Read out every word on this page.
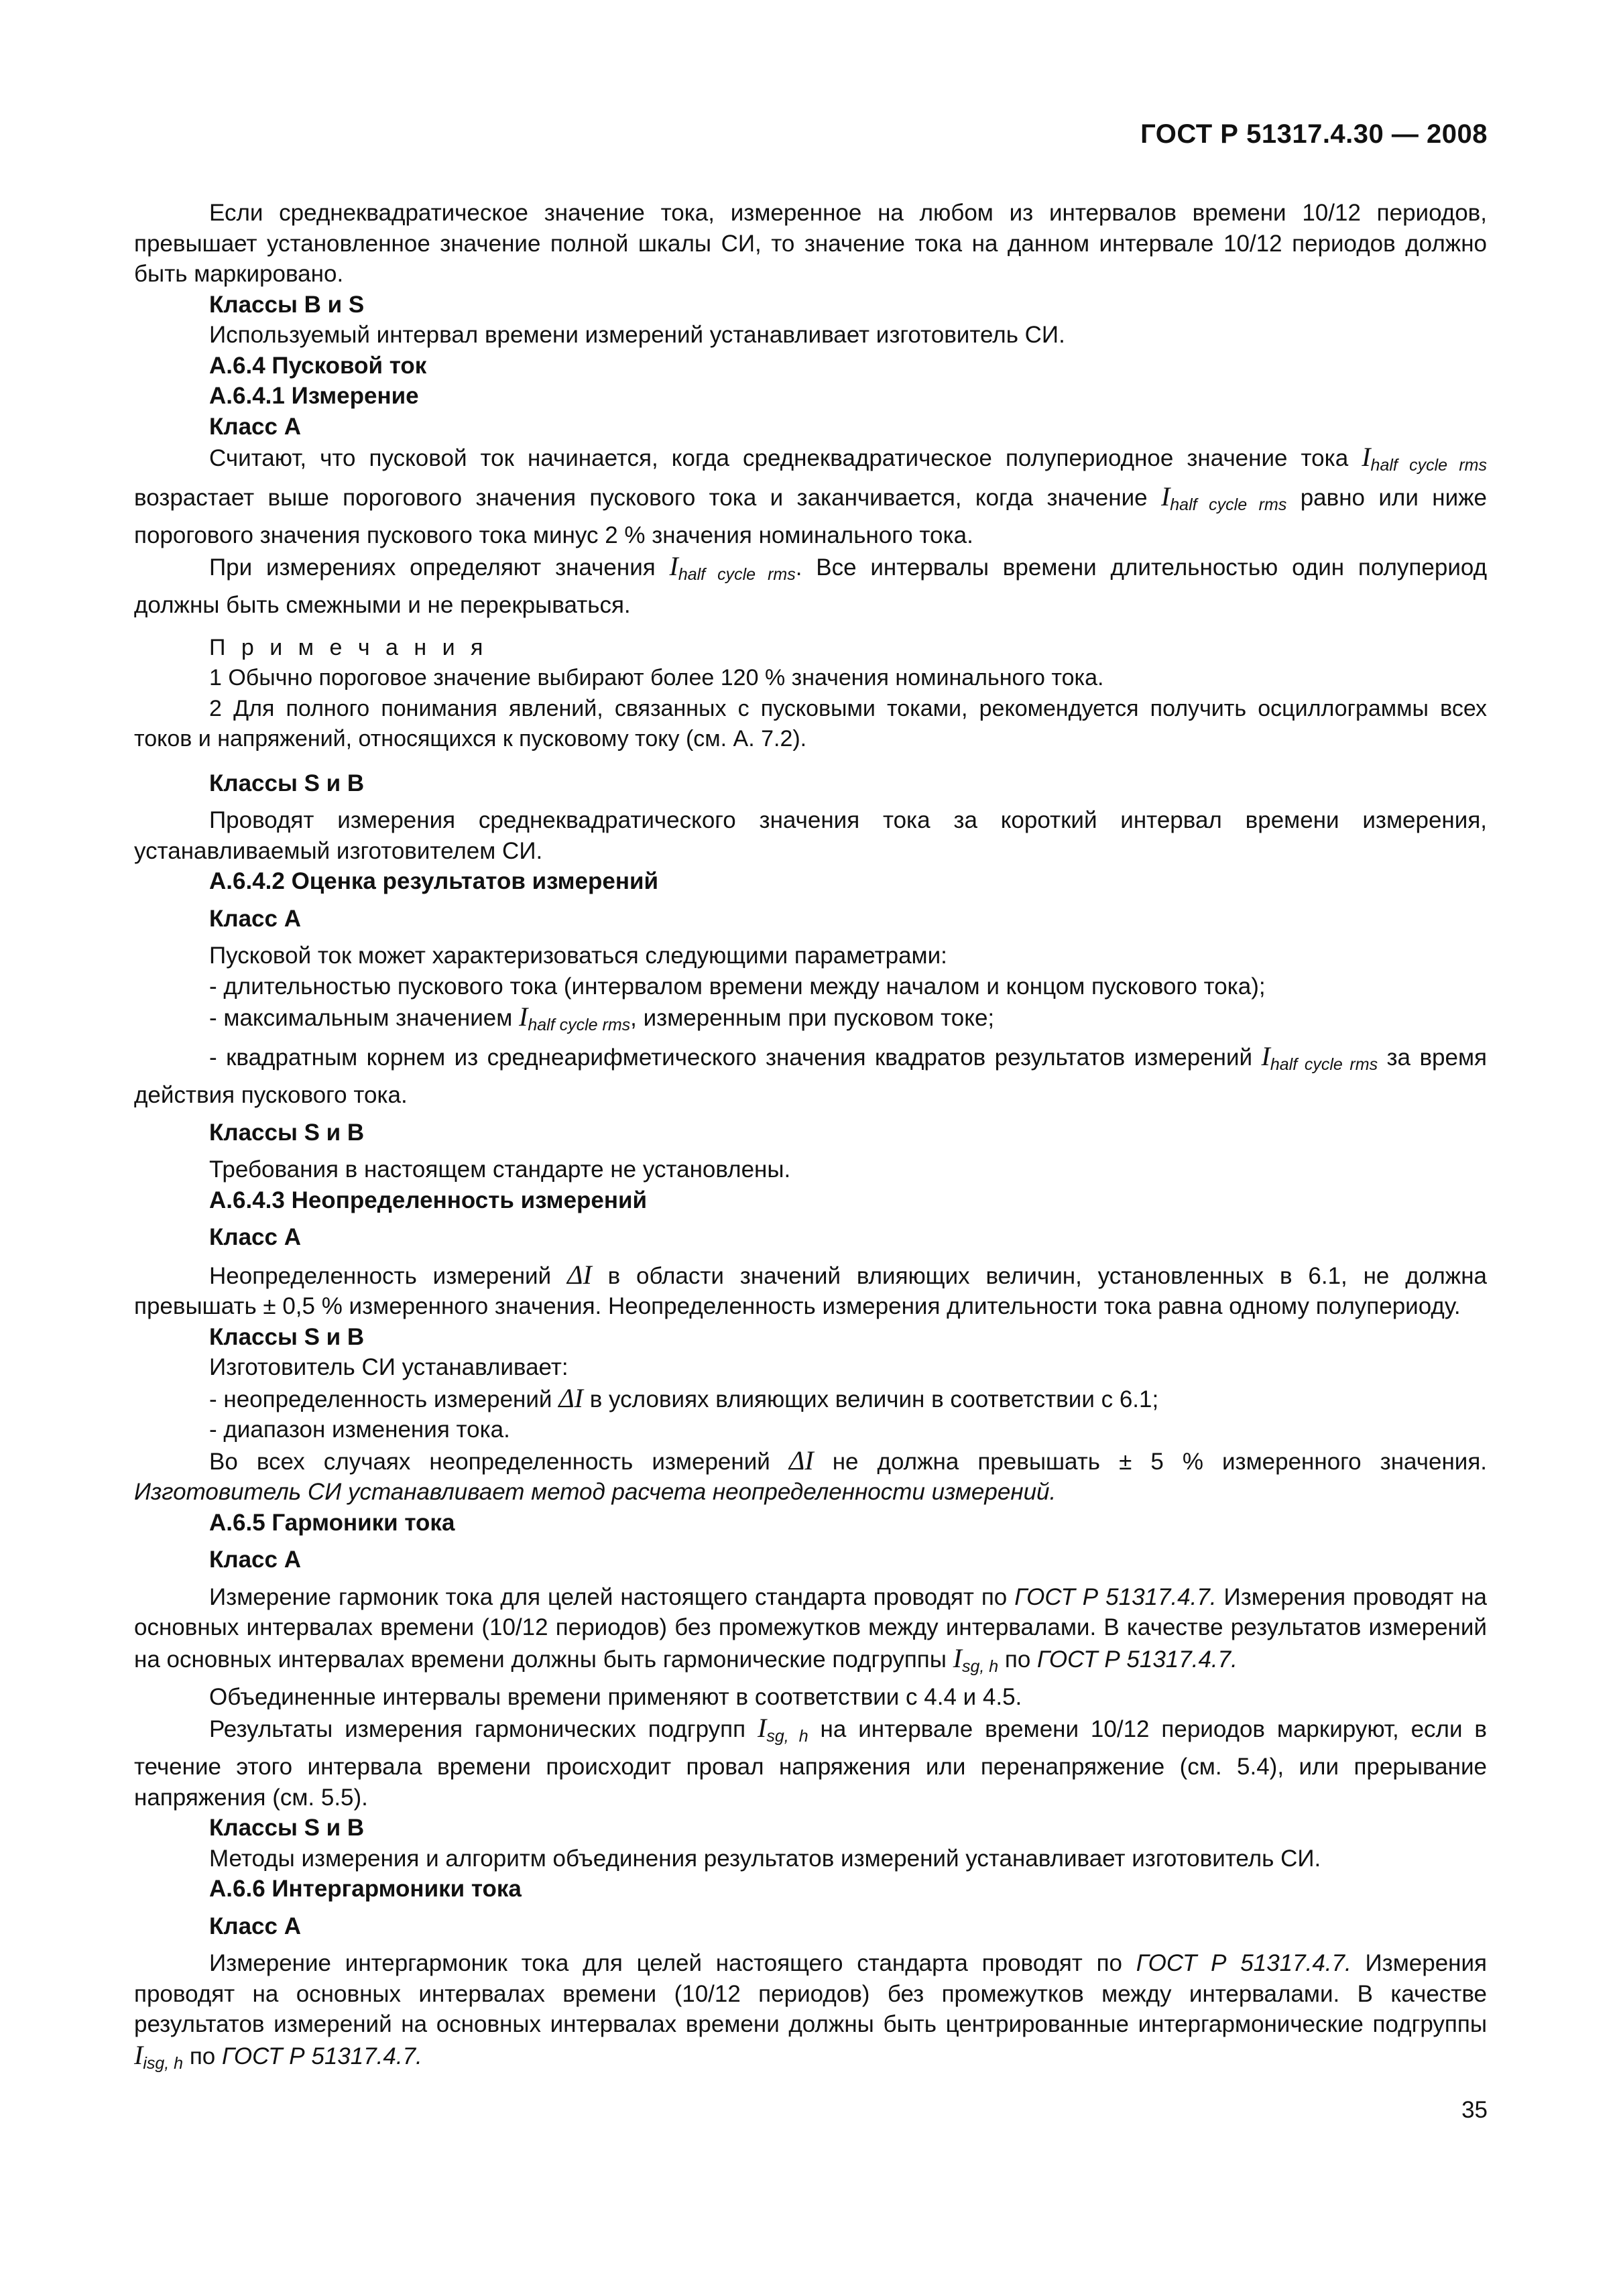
ГОСТ Р 51317.4.30 — 2008

Если среднеквадратическое значение тока, измеренное на любом из интервалов времени 10/12 периодов, превышает установленное значение полной шкалы СИ, то значение тока на данном интервале 10/12 периодов должно быть маркировано.

Классы В и S

Используемый интервал времени измерений устанавливает изготовитель СИ.

А.6.4 Пусковой ток

А.6.4.1 Измерение

Класс А

Считают, что пусковой ток начинается, когда среднеквадратическое полупериодное значение тока $I_{half cycle rms}$ возрастает выше порогового значения пускового тока и заканчивается, когда значение $I_{half cycle rms}$ равно или ниже порогового значения пускового тока минус 2 % значения номинального тока.

При измерениях определяют значения $I_{half cycle rms}$. Все интервалы времени длительностью один полупериод должны быть смежными и не перекрываться.

П р и м е ч а н и я

1 Обычно пороговое значение выбирают более 120 % значения номинального тока.

2 Для полного понимания явлений, связанных с пусковыми токами, рекомендуется получить осциллограммы всех токов и напряжений, относящихся к пусковому току (см. А. 7.2).

Классы S и В

Проводят измерения среднеквадратического значения тока за короткий интервал времени измерения, устанавливаемый изготовителем СИ.

А.6.4.2 Оценка результатов измерений

Класс А

Пусковой ток может характеризоваться следующими параметрами:

- длительностью пускового тока (интервалом времени между началом и концом пускового тока);

- максимальным значением $I_{half cycle rms}$, измеренным при пусковом токе;

- квадратным корнем из среднеарифметического значения квадратов результатов измерений $I_{half cycle rms}$ за время действия пускового тока.

Классы S и В

Требования в настоящем стандарте не установлены.

А.6.4.3 Неопределенность измерений

Класс А

Неопределенность измерений ΔI в области значений влияющих величин, установленных в 6.1, не должна превышать ± 0,5 % измеренного значения. Неопределенность измерения длительности тока равна одному полупериоду.

Классы S и В

Изготовитель СИ устанавливает:

- неопределенность измерений ΔI в условиях влияющих величин в соответствии с 6.1;

- диапазон изменения тока.

Во всех случаях неопределенность измерений ΔI не должна превышать ± 5 % измеренного значения. Изготовитель СИ устанавливает метод расчета неопределенности измерений.

А.6.5 Гармоники тока

Класс А

Измерение гармоник тока для целей настоящего стандарта проводят по ГОСТ Р 51317.4.7. Измерения проводят на основных интервалах времени (10/12 периодов) без промежутков между интервалами. В качестве результатов измерений на основных интервалах времени должны быть гармонические подгруппы $I_{sg, h}$ по ГОСТ Р 51317.4.7.

Объединенные интервалы времени применяют в соответствии с 4.4 и 4.5.

Результаты измерения гармонических подгрупп $I_{sg, h}$ на интервале времени 10/12 периодов маркируют, если в течение этого интервала времени происходит провал напряжения или перенапряжение (см. 5.4), или прерывание напряжения (см. 5.5).

Классы S и В

Методы измерения и алгоритм объединения результатов измерений устанавливает изготовитель СИ.

А.6.6 Интергармоники тока

Класс А

Измерение интергармоник тока для целей настоящего стандарта проводят по ГОСТ Р 51317.4.7. Измерения проводят на основных интервалах времени (10/12 периодов) без промежутков между интервалами. В качестве результатов измерений на основных интервалах времени должны быть центрированные интергармонические подгруппы $I_{isg, h}$ по ГОСТ Р 51317.4.7.

35
